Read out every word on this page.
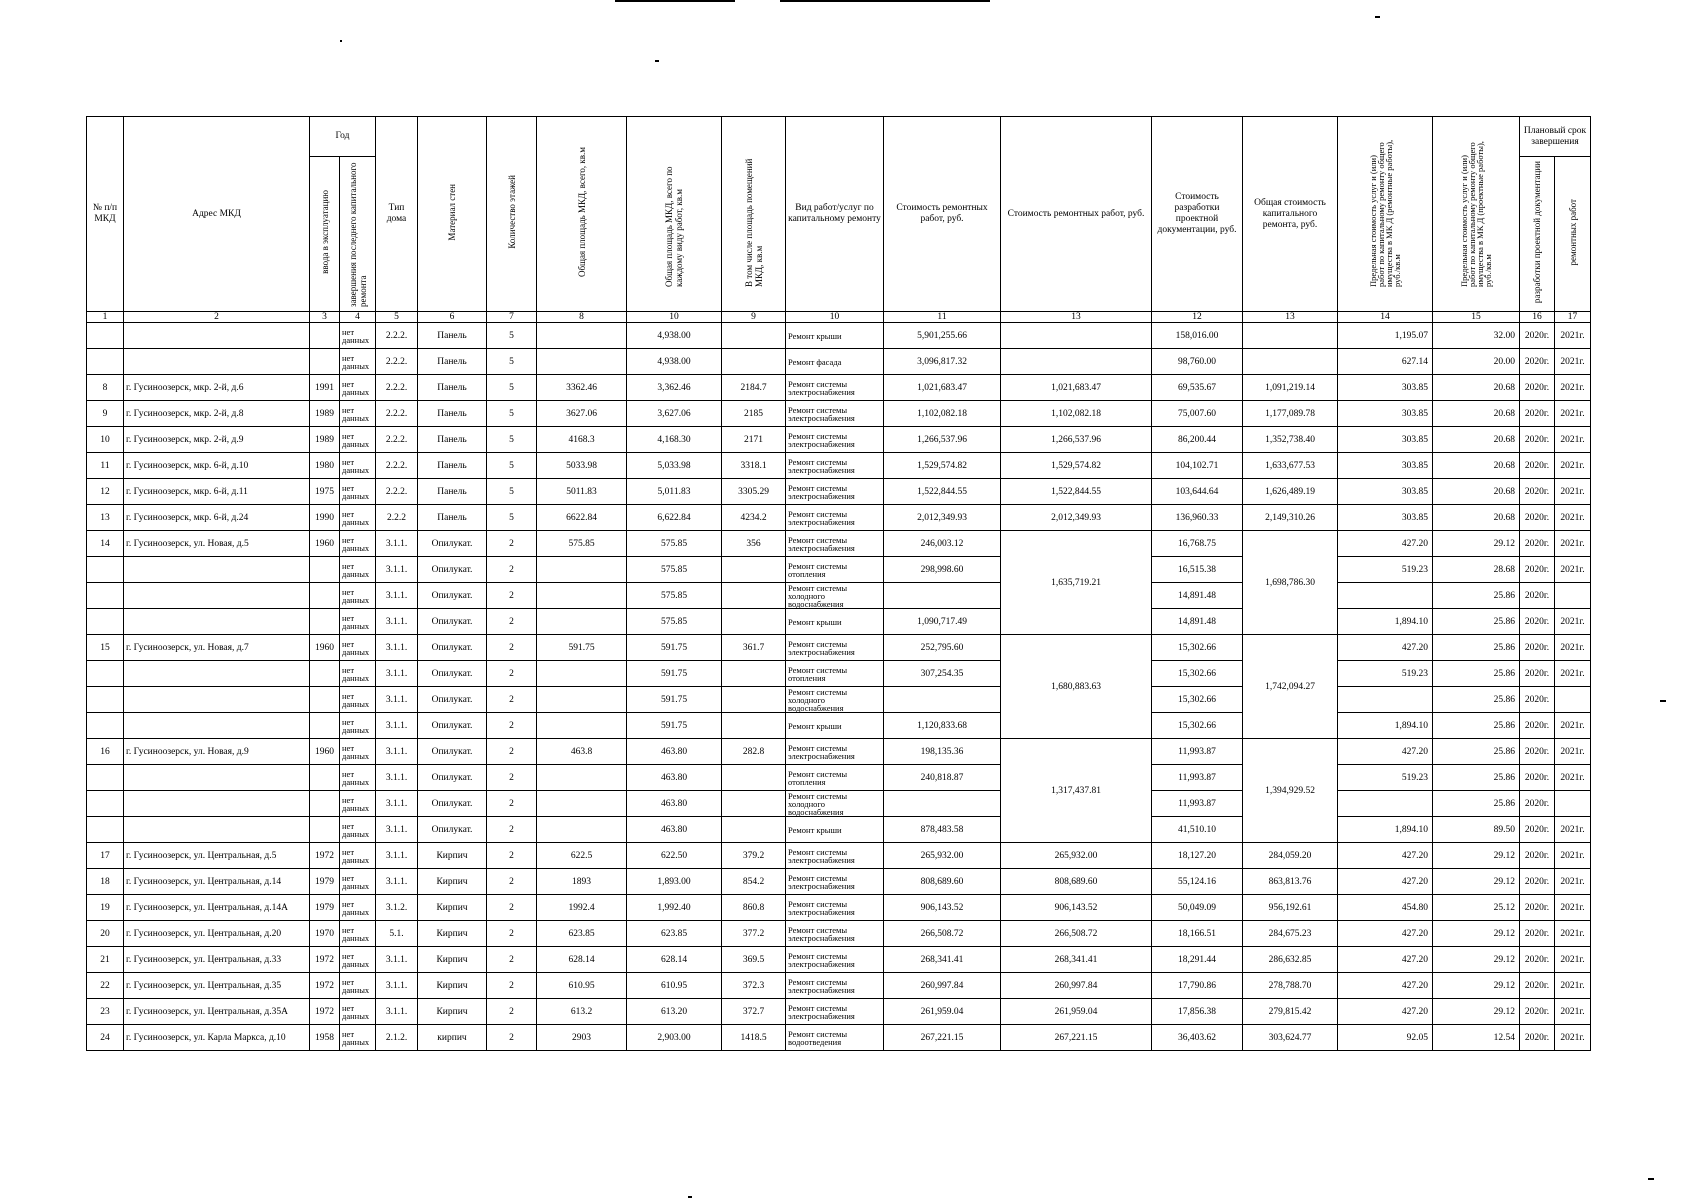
№ п/п МКД	Адрес МКД	Год		Тип дома	Материал стен	Количество этажей	Общая площадь МКД, всего, кв.м	Общая площадь МКД, всего по каждому виду работ, кв.м	В том числе площадь помещений МКД, кв.м	Вид работ/услуг по капитальному ремонту	Стоимость ремонтных работ, руб.	Стоимость ремонтных работ, руб.	Стоимость разработки проектной документации, руб.	Общая стоимость капитального ремонта, руб.	Предельная стоимость услуг и (или) работ по капитальному ремонту общего имущества в МК Д (ремонтные работы), руб./кв.м	Предельная стоимость услуг и (или) работ по капитальному ремонту общего имущества в МК Д (проектные работы), руб./кв.м	Плановый срок завершения	
		ввода в эксплуатацию	завершения последнего капитального ремонта														разработки проектной документации	ремонтных работ
1	2	3	4	5	6	7	8	10	9	10	11	13	12	13	14	15	16	17
			нет данных	2.2.2.	Панель	5		4,938.00		Ремонт крыши	5,901,255.66		158,016.00		1,195.07	32.00	2020г.	2021г.
			нет данных	2.2.2.	Панель	5		4,938.00		Ремонт фасада	3,096,817.32		98,760.00		627.14	20.00	2020г.	2021г.
8	г. Гусиноозерск, мкр. 2-й, д.6	1991	нет данных	2.2.2.	Панель	5	3362.46	3,362.46	2184.7	Ремонт системы электроснабжения	1,021,683.47	1,021,683.47	69,535.67	1,091,219.14	303.85	20.68	2020г.	2021г.
9	г. Гусиноозерск, мкр. 2-й, д.8	1989	нет данных	2.2.2.	Панель	5	3627.06	3,627.06	2185	Ремонт системы электроснабжения	1,102,082.18	1,102,082.18	75,007.60	1,177,089.78	303.85	20.68	2020г.	2021г.
10	г. Гусиноозерск, мкр. 2-й, д.9	1989	нет данных	2.2.2.	Панель	5	4168.3	4,168.30	2171	Ремонт системы электроснабжения	1,266,537.96	1,266,537.96	86,200.44	1,352,738.40	303.85	20.68	2020г.	2021г.
11	г. Гусиноозерск, мкр. 6-й, д.10	1980	нет данных	2.2.2.	Панель	5	5033.98	5,033.98	3318.1	Ремонт системы электроснабжения	1,529,574.82	1,529,574.82	104,102.71	1,633,677.53	303.85	20.68	2020г.	2021г.
12	г. Гусиноозерск, мкр. 6-й, д.11	1975	нет данных	2.2.2.	Панель	5	5011.83	5,011.83	3305.29	Ремонт системы электроснабжения	1,522,844.55	1,522,844.55	103,644.64	1,626,489.19	303.85	20.68	2020г.	2021г.
13	г. Гусиноозерск, мкр. 6-й, д.24	1990	нет данных	2.2.2	Панель	5	6622.84	6,622.84	4234.2	Ремонт системы электроснабжения	2,012,349.93	2,012,349.93	136,960.33	2,149,310.26	303.85	20.68	2020г.	2021г.
14	г. Гусиноозерск, ул. Новая, д.5	1960	нет данных	3.1.1.	Опилукат.	2	575.85	575.85	356	Ремонт системы электроснабжения	246,003.12	1,635,719.21	16,768.75	1,698,786.30	427.20	29.12	2020г.	2021г.
			нет данных	3.1.1.	Опилукат.	2		575.85		Ремонт системы отопления	298,998.60		16,515.38		519.23	28.68	2020г.	2021г.
			нет данных	3.1.1.	Опилукат.	2		575.85		Ремонт системы холодного водоснабжения			14,891.48			25.86	2020г.	
			нет данных	3.1.1.	Опилукат.	2		575.85		Ремонт крыши	1,090,717.49		14,891.48		1,894.10	25.86	2020г.	2021г.
15	г. Гусиноозерск, ул. Новая, д.7	1960	нет данных	3.1.1.	Опилукат.	2	591.75	591.75	361.7	Ремонт системы электроснабжения	252,795.60	1,680,883.63	15,302.66	1,742,094.27	427.20	25.86	2020г.	2021г.
			нет данных	3.1.1.	Опилукат.	2		591.75		Ремонт системы отопления	307,254.35		15,302.66		519.23	25.86	2020г.	2021г.
			нет данных	3.1.1.	Опилукат.	2		591.75		Ремонт системы холодного водоснабжения			15,302.66			25.86	2020г.	
			нет данных	3.1.1.	Опилукат.	2		591.75		Ремонт крыши	1,120,833.68		15,302.66		1,894.10	25.86	2020г.	2021г.
16	г. Гусиноозерск, ул. Новая, д.9	1960	нет данных	3.1.1.	Опилукат.	2	463.8	463.80	282.8	Ремонт системы электроснабжения	198,135.36	1,317,437.81	11,993.87	1,394,929.52	427.20	25.86	2020г.	2021г.
			нет данных	3.1.1.	Опилукат.	2		463.80		Ремонт системы отопления	240,818.87		11,993.87		519.23	25.86	2020г.	2021г.
			нет данных	3.1.1.	Опилукат.	2		463.80		Ремонт системы холодного водоснабжения			11,993.87			25.86	2020г.	
			нет данных	3.1.1.	Опилукат.	2		463.80		Ремонт крыши	878,483.58		41,510.10		1,894.10	89.50	2020г.	2021г.
17	г. Гусиноозерск, ул. Центральная, д.5	1972	нет данных	3.1.1.	Кирпич	2	622.5	622.50	379.2	Ремонт системы электроснабжения	265,932.00	265,932.00	18,127.20	284,059.20	427.20	29.12	2020г.	2021г.
18	г. Гусиноозерск, ул. Центральная, д.14	1979	нет данных	3.1.1.	Кирпич	2	1893	1,893.00	854.2	Ремонт системы электроснабжения	808,689.60	808,689.60	55,124.16	863,813.76	427.20	29.12	2020г.	2021г.
19	г. Гусиноозерск, ул. Центральная, д.14А	1979	нет данных	3.1.2.	Кирпич	2	1992.4	1,992.40	860.8	Ремонт системы электроснабжения	906,143.52	906,143.52	50,049.09	956,192.61	454.80	25.12	2020г.	2021г.
20	г. Гусиноозерск, ул. Центральная, д.20	1970	нет данных	5.1.	Кирпич	2	623.85	623.85	377.2	Ремонт системы электроснабжения	266,508.72	266,508.72	18,166.51	284,675.23	427.20	29.12	2020г.	2021г.
21	г. Гусиноозерск, ул. Центральная, д.33	1972	нет данных	3.1.1.	Кирпич	2	628.14	628.14	369.5	Ремонт системы электроснабжения	268,341.41	268,341.41	18,291.44	286,632.85	427.20	29.12	2020г.	2021г.
22	г. Гусиноозерск, ул. Центральная, д.35	1972	нет данных	3.1.1.	Кирпич	2	610.95	610.95	372.3	Ремонт системы электроснабжения	260,997.84	260,997.84	17,790.86	278,788.70	427.20	29.12	2020г.	2021г.
23	г. Гусиноозерск, ул. Центральная, д.35А	1972	нет данных	3.1.1.	Кирпич	2	613.2	613.20	372.7	Ремонт системы электроснабжения	261,959.04	261,959.04	17,856.38	279,815.42	427.20	29.12	2020г.	2021г.
24	г. Гусиноозерск, ул. Карла Маркса, д.10	1958	нет данных	2.1.2.	кирпич	2	2903	2,903.00	1418.5	Ремонт системы водоотведения	267,221.15	267,221.15	36,403.62	303,624.77	92.05	12.54	2020г.	2021г.
